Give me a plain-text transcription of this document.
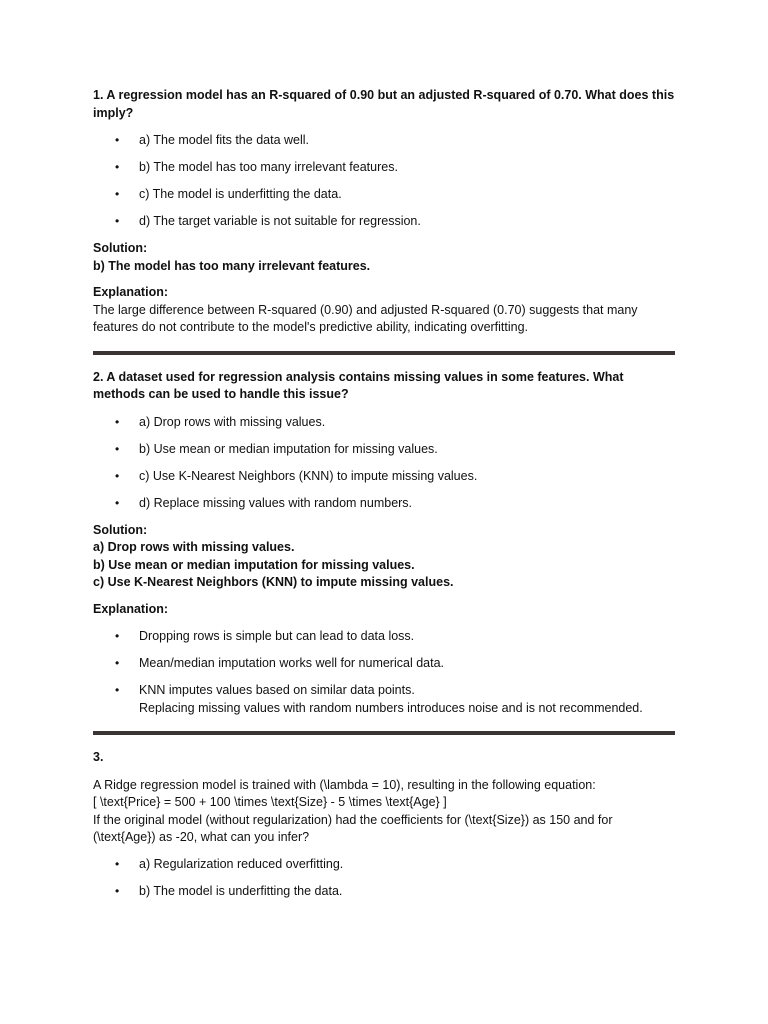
1. A regression model has an R-squared of 0.90 but an adjusted R-squared of 0.70. What does this imply?

• a) The model fits the data well.
• b) The model has too many irrelevant features.
• c) The model is underfitting the data.
• d) The target variable is not suitable for regression.
Solution:
b) The model has too many irrelevant features.
Explanation:
The large difference between R-squared (0.90) and adjusted R-squared (0.70) suggests that many features do not contribute to the model's predictive ability, indicating overfitting.

2. A dataset used for regression analysis contains missing values in some features. What methods can be used to handle this issue?

• a) Drop rows with missing values.
• b) Use mean or median imputation for missing values.
• c) Use K-Nearest Neighbors (KNN) to impute missing values.
• d) Replace missing values with random numbers.
Solution:
a) Drop rows with missing values.
b) Use mean or median imputation for missing values.
c) Use K-Nearest Neighbors (KNN) to impute missing values.
Explanation:
• Dropping rows is simple but can lead to data loss.
• Mean/median imputation works well for numerical data.
• KNN imputes values based on similar data points.
Replacing missing values with random numbers introduces noise and is not recommended.

3.

A Ridge regression model is trained with (\lambda = 10), resulting in the following equation:
[ \text{Price} = 500 + 100 \times \text{Size} - 5 \times \text{Age} ]
If the original model (without regularization) had the coefficients for (\text{Size}) as 150 and for (\text{Age}) as -20, what can you infer?
• a) Regularization reduced overfitting.
• b) The model is underfitting the data.
